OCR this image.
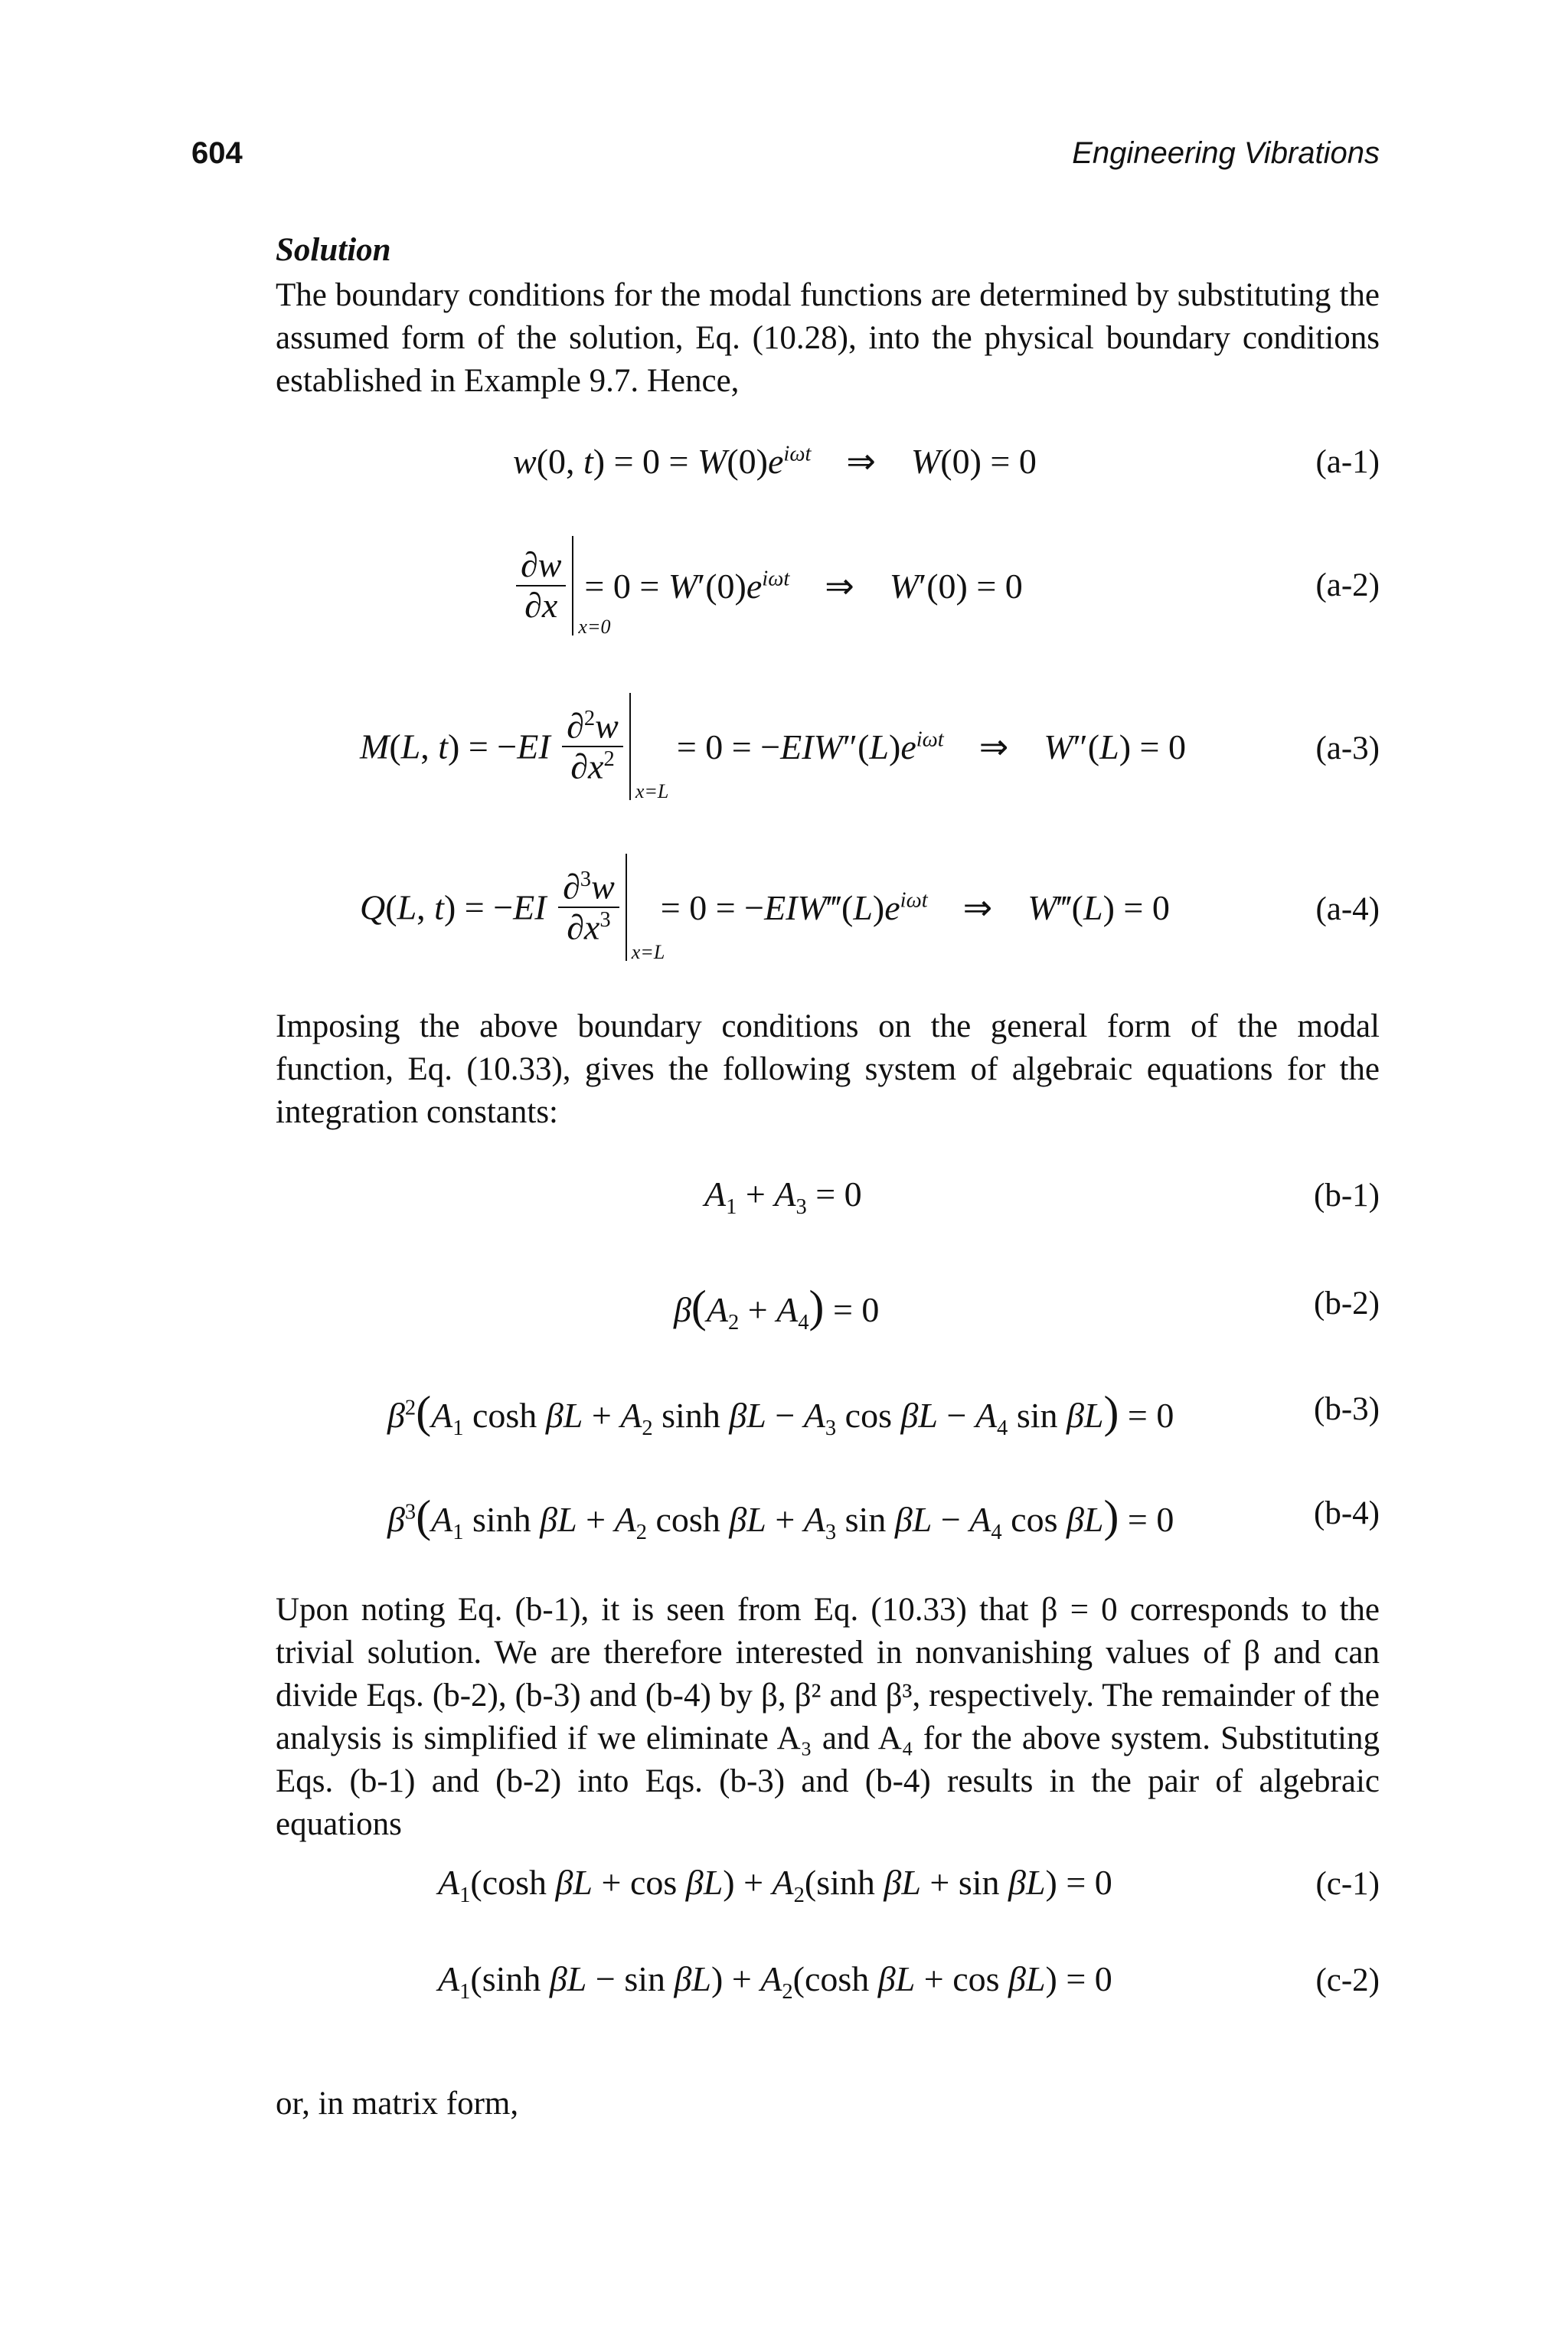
604	Engineering Vibrations
Solution
The boundary conditions for the modal functions are determined by substituting the assumed form of the solution, Eq. (10.28), into the physical boundary conditions established in Example 9.7. Hence,
w(0, $t) = 0 = W(0)e^{i\omega t}$    ⇒    W(0) = 0	(a-1)
$\frac{\partial w}{\partial x}$
x=0
= $0 = W'(0)e^{i\omega t}$    ⇒    W′(0) = 0	(a-2)
M(L, $t) = -EI \frac{\partial^2w}{\partial x^2}$
x=L
= $0 = -EIW''(L)e^{i\omega t}$    ⇒    W″(L) = 0	(a-3)
Q(L, $t) = -EI \frac{\partial^3w}{\partial x^3}$
x=L
= $0 = -EIW‴(L)e^{i\omega t}$    ⇒    W‴(L) = 0	(a-4)
Imposing the above boundary conditions on the general form of the modal function, Eq. (10.33), gives the following system of algebraic equations for the integration constants:
$A_1 + A_3 = 0$	(b-1)
$\beta(A_2 + A_4) = 0$	(b-2)
$\beta^2(A_1$ $\cosh \beta L + A_2$ $\sinh \beta L - A_3$ $\cos \beta L - A_4$ sin βL) = 0	(b-3)
$\beta^3(A_1$ $\sinh \beta L + A_2$ $\cosh \beta L + A_3$ $\sin \beta L - A_4$ cos βL) = 0	(b-4)
Upon noting Eq. (b-1), it is seen from Eq. (10.33) that β = 0 corresponds to the trivial solution. We are therefore interested in nonvanishing values of β and can divide Eqs. (b-2), (b-3) and (b-4) by β, β² and β³, respectively. The remainder of the analysis is simplified if we eliminate A₃ and A₄ for the above system. Substituting Eqs. (b-1) and (b-2) into Eqs. (b-3) and (b-4) results in the pair of algebraic equations
$A_1(\cosh$ $\beta L + \cos \beta L) + A_2(\sinh$ βL + sin βL) = 0	(c-1)
$A_1(\sinh$ $\beta L - \sin \beta L) + A_2(\cosh$ βL + cos βL) = 0	(c-2)
or, in matrix form,
